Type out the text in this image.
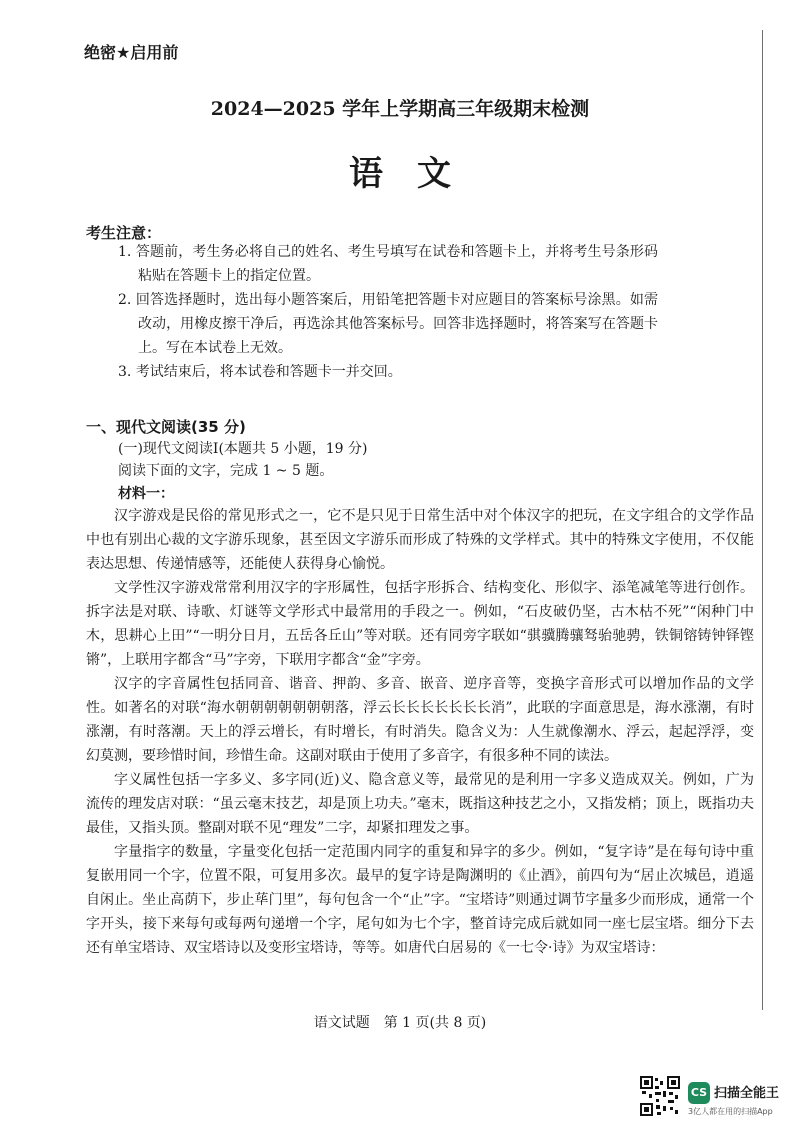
绝密★启用前
2024—2025 学年上学期高三年级期末检测
语　文
考生注意：
1. 答题前，考生务必将自己的姓名、考生号填写在试卷和答题卡上，并将考生号条形码粘贴在答题卡上的指定位置。
2. 回答选择题时，选出每小题答案后，用铅笔把答题卡对应题目的答案标号涂黑。如需改动，用橡皮擦干净后，再选涂其他答案标号。回答非选择题时，将答案写在答题卡上。写在本试卷上无效。
3. 考试结束后，将本试卷和答题卡一并交回。
一、现代文阅读(35 分)
(一)现代文阅读Ⅰ(本题共 5 小题，19 分)
阅读下面的文字，完成 1 ~ 5 题。
材料一：

汉字游戏是民俗的常见形式之一，它不是只见于日常生活中对个体汉字的把玩，在文字组合的文学作品中也有别出心裁的文字游乐现象，甚至因文字游乐而形成了特殊的文学样式。其中的特殊文字使用，不仅能表达思想、传递情感等，还能使人获得身心愉悦。

文学性汉字游戏常常利用汉字的字形属性，包括字形拆合、结构变化、形似字、添笔减笔等进行创作。拆字法是对联、诗歌、灯谜等文学形式中最常用的手段之一。例如，“石皮破仍坚，古木枯不死”“闲种门中木，思耕心上田”“一明分日月，五岳各丘山”等对联。还有同旁字联如“骐骥腾骧驽骀驰骋，铁铜镕铸钟铎铿锵”，上联用字都含“马”字旁，下联用字都含“金”字旁。

汉字的字音属性包括同音、谐音、押韵、多音、嵌音、逆序音等，变换字音形式可以增加作品的文学性。如著名的对联“海水朝朝朝朝朝朝朝落，浮云长长长长长长长消”，此联的字面意思是，海水涨潮，有时涨潮，有时落潮。天上的浮云增长，有时增长，有时消失。隐含义为：人生就像潮水、浮云，起起浮浮，变幻莫测，要珍惜时间，珍惜生命。这副对联由于使用了多音字，有很多种不同的读法。

字义属性包括一字多义、多字同(近)义、隐含意义等，最常见的是利用一字多义造成双关。例如，广为流传的理发店对联：“虽云毫末技艺，却是顶上功夫。”毫末，既指这种技艺之小，又指发梢；顶上，既指功夫最佳，又指头顶。整副对联不见“理发”二字，却紧扣理发之事。

字量指字的数量，字量变化包括一定范围内同字的重复和异字的多少。例如，“复字诗”是在每句诗中重复嵌用同一个字，位置不限，可复用多次。最早的复字诗是陶渊明的《止酒》，前四句为“居止次城邑，逍遥自闲止。坐止高荫下，步止荜门里”，每句包含一个“止”字。“宝塔诗”则通过调节字量多少而形成，通常一个字开头，接下来每句或每两句递增一个字，尾句如为七个字，整首诗完成后就如同一座七层宝塔。细分下去还有单宝塔诗、双宝塔诗以及变形宝塔诗，等等。如唐代白居易的《一七令·诗》为双宝塔诗：

语文试题　第 1 页(共 8 页)
CS 扫描全能王
3亿人都在用的扫描App
